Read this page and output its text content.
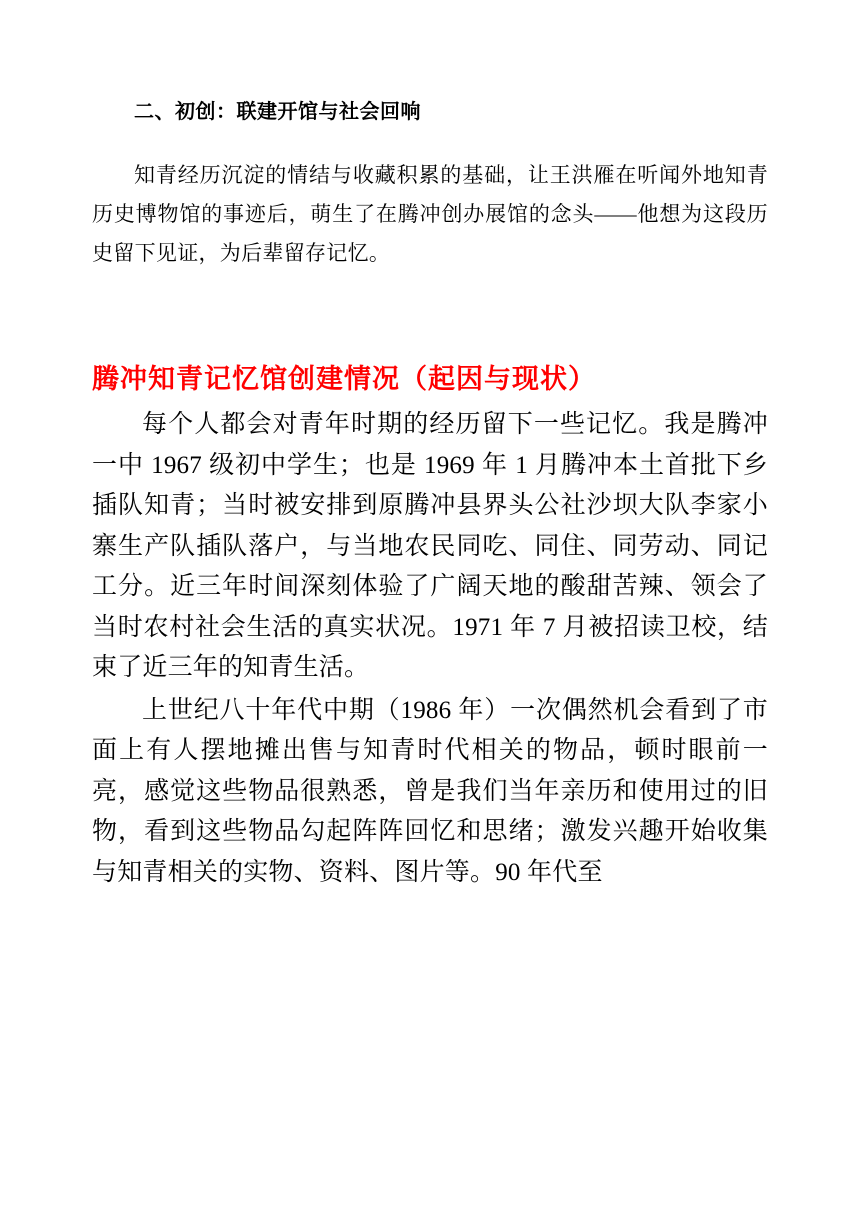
二、初创：联建开馆与社会回响

知青经历沉淀的情结与收藏积累的基础，让王洪雁在听闻外地知青历史博物馆的事迹后，萌生了在腾冲创办展馆的念头——他想为这段历史留下见证，为后辈留存记忆。

腾冲知青记忆馆创建情况（起因与现状）

每个人都会对青年时期的经历留下一些记忆。我是腾冲一中 1967 级初中学生；也是 1969 年 1 月腾冲本土首批下乡插队知青；当时被安排到原腾冲县界头公社沙坝大队李家小寨生产队插队落户，与当地农民同吃、同住、同劳动、同记工分。近三年时间深刻体验了广阔天地的酸甜苦辣、领会了当时农村社会生活的真实状况。1971 年 7 月被招读卫校，结束了近三年的知青生活。

上世纪八十年代中期（1986 年）一次偶然机会看到了市面上有人摆地摊出售与知青时代相关的物品，顿时眼前一亮，感觉这些物品很熟悉，曾是我们当年亲历和使用过的旧物，看到这些物品勾起阵阵回忆和思绪；激发兴趣开始收集与知青相关的实物、资料、图片等。90 年代至
